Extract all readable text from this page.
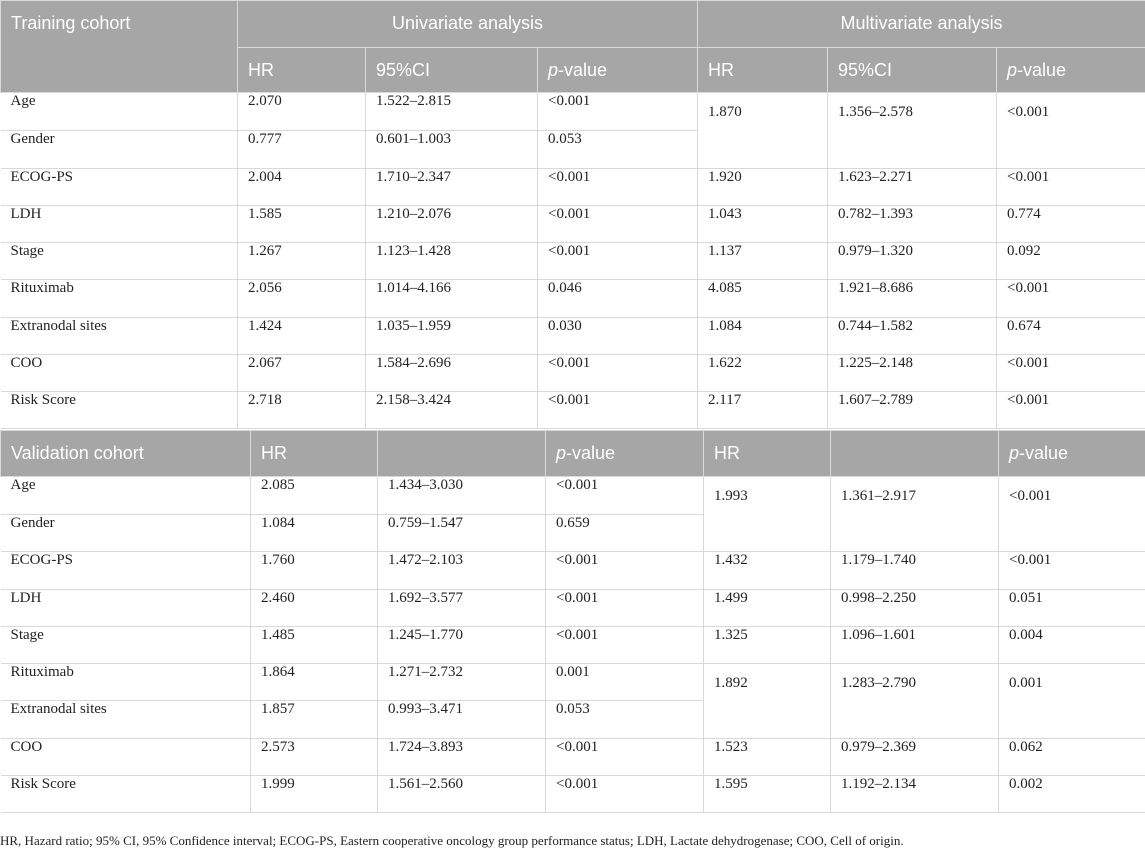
Training cohort	Univariate analysis			Multivariate analysis		
	HR	95%CI	p-value	HR	95%CI	p-value
Age	2.070	1.522–2.815	<0.001	1.870	1.356–2.578	<0.001
Gender	0.777	0.601–1.003	0.053			
ECOG-PS	2.004	1.710–2.347	<0.001	1.920	1.623–2.271	<0.001
LDH	1.585	1.210–2.076	<0.001	1.043	0.782–1.393	0.774
Stage	1.267	1.123–1.428	<0.001	1.137	0.979–1.320	0.092
Rituximab	2.056	1.014–4.166	0.046	4.085	1.921–8.686	<0.001
Extranodal sites	1.424	1.035–1.959	0.030	1.084	0.744–1.582	0.674
COO	2.067	1.584–2.696	<0.001	1.622	1.225–2.148	<0.001
Risk Score	2.718	2.158–3.424	<0.001	2.117	1.607–2.789	<0.001
Validation cohort	HR		p-value	HR		p-value
Age	2.085	1.434–3.030	<0.001	1.993	1.361–2.917	<0.001
Gender	1.084	0.759–1.547	0.659			
ECOG-PS	1.760	1.472–2.103	<0.001	1.432	1.179–1.740	<0.001
LDH	2.460	1.692–3.577	<0.001	1.499	0.998–2.250	0.051
Stage	1.485	1.245–1.770	<0.001	1.325	1.096–1.601	0.004
Rituximab	1.864	1.271–2.732	0.001	1.892	1.283–2.790	0.001
Extranodal sites	1.857	0.993–3.471	0.053			
COO	2.573	1.724–3.893	<0.001	1.523	0.979–2.369	0.062
Risk Score	1.999	1.561–2.560	<0.001	1.595	1.192–2.134	0.002
HR, Hazard ratio; 95% CI, 95% Confidence interval; ECOG-PS, Eastern cooperative oncology group performance status; LDH, Lactate dehydrogenase; COO, Cell of origin.
